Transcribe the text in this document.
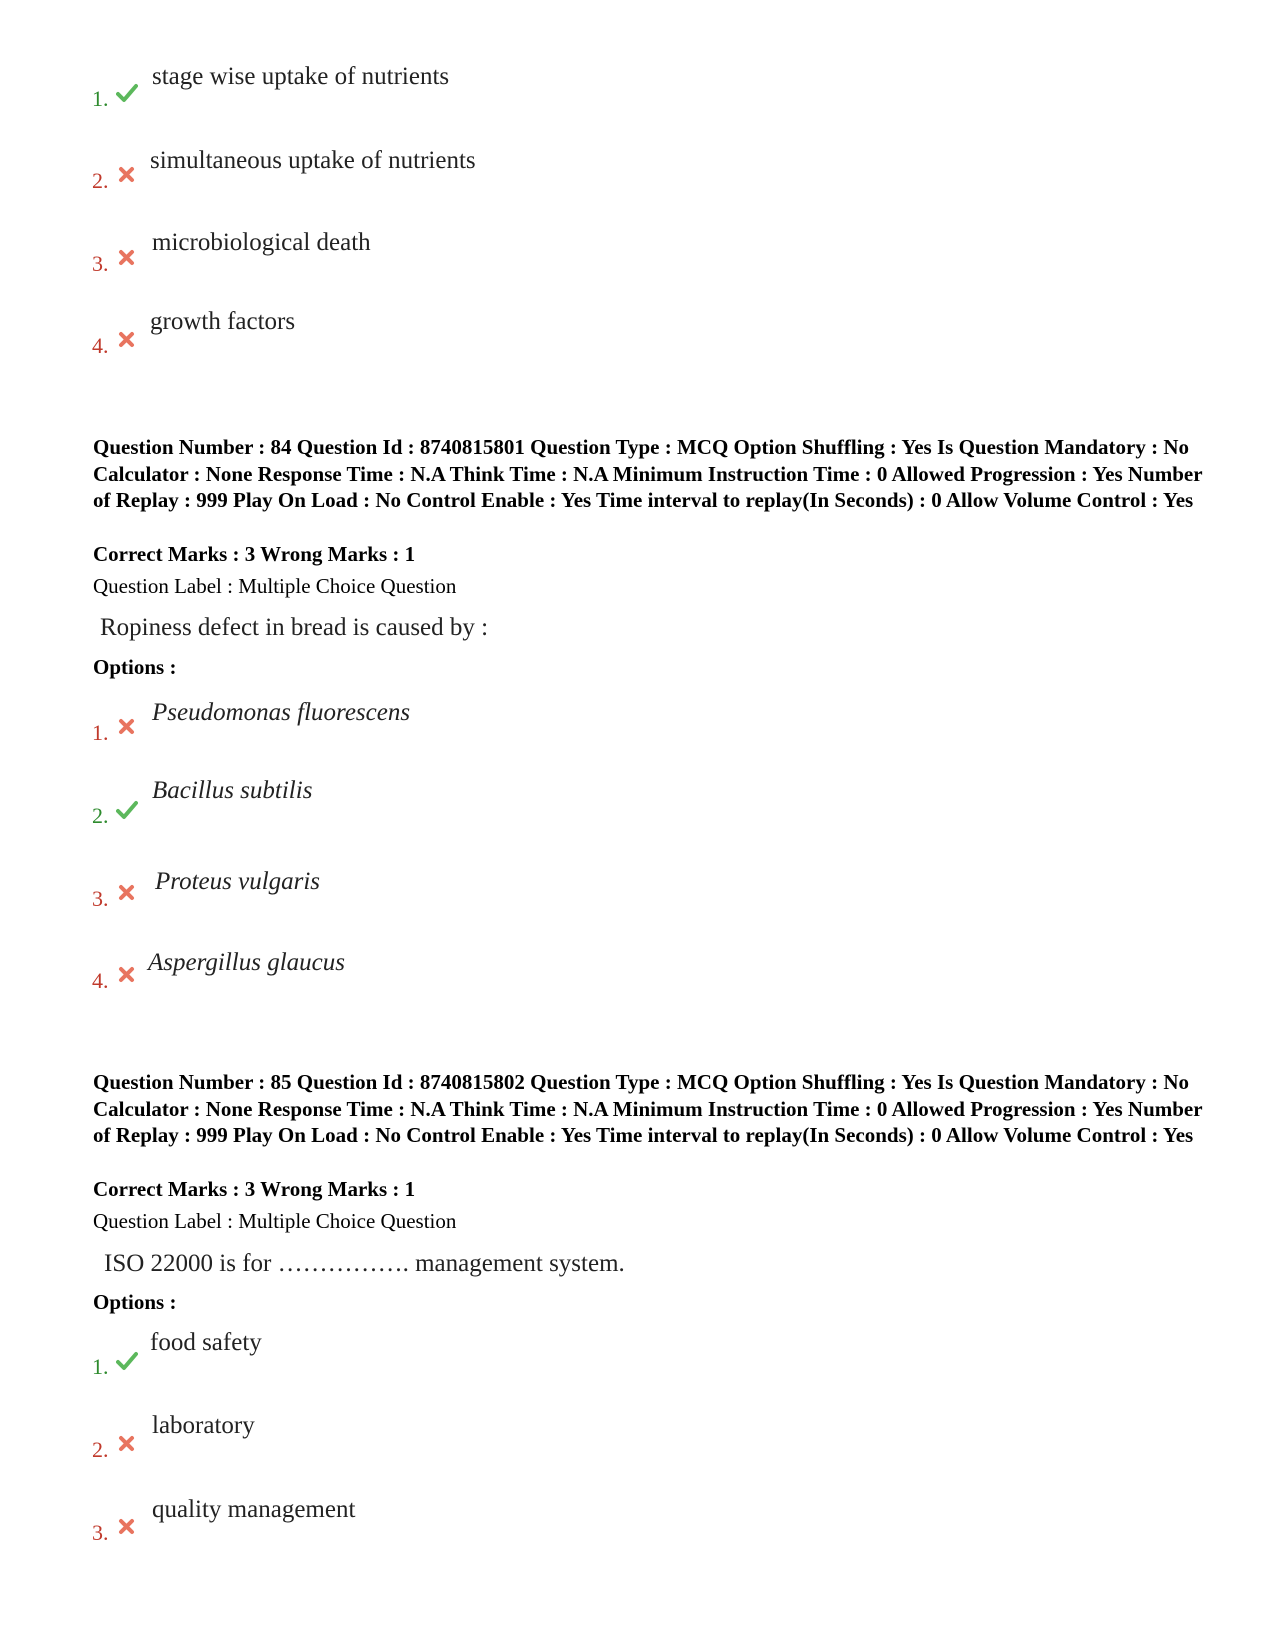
1.
stage wise uptake of nutrients
2.
simultaneous uptake of nutrients
3.
microbiological death
4.
growth factors
Question Number : 84 Question Id : 8740815801 Question Type : MCQ Option Shuffling : Yes Is Question Mandatory : No Calculator : None Response Time : N.A Think Time : N.A Minimum Instruction Time : 0 Allowed Progression : Yes Number of Replay : 999 Play On Load : No Control Enable : Yes Time interval to replay(In Seconds) : 0 Allow Volume Control : Yes
Correct Marks : 3 Wrong Marks : 1
Question Label : Multiple Choice Question
Ropiness defect in bread is caused by :
Options :
1.
Pseudomonas fluorescens
2.
Bacillus subtilis
3.
Proteus vulgaris
4.
Aspergillus glaucus
Question Number : 85 Question Id : 8740815802 Question Type : MCQ Option Shuffling : Yes Is Question Mandatory : No Calculator : None Response Time : N.A Think Time : N.A Minimum Instruction Time : 0 Allowed Progression : Yes Number of Replay : 999 Play On Load : No Control Enable : Yes Time interval to replay(In Seconds) : 0 Allow Volume Control : Yes
Correct Marks : 3 Wrong Marks : 1
Question Label : Multiple Choice Question
ISO 22000 is for ……………. management system.
Options :
1.
food safety
2.
laboratory
3.
quality management
